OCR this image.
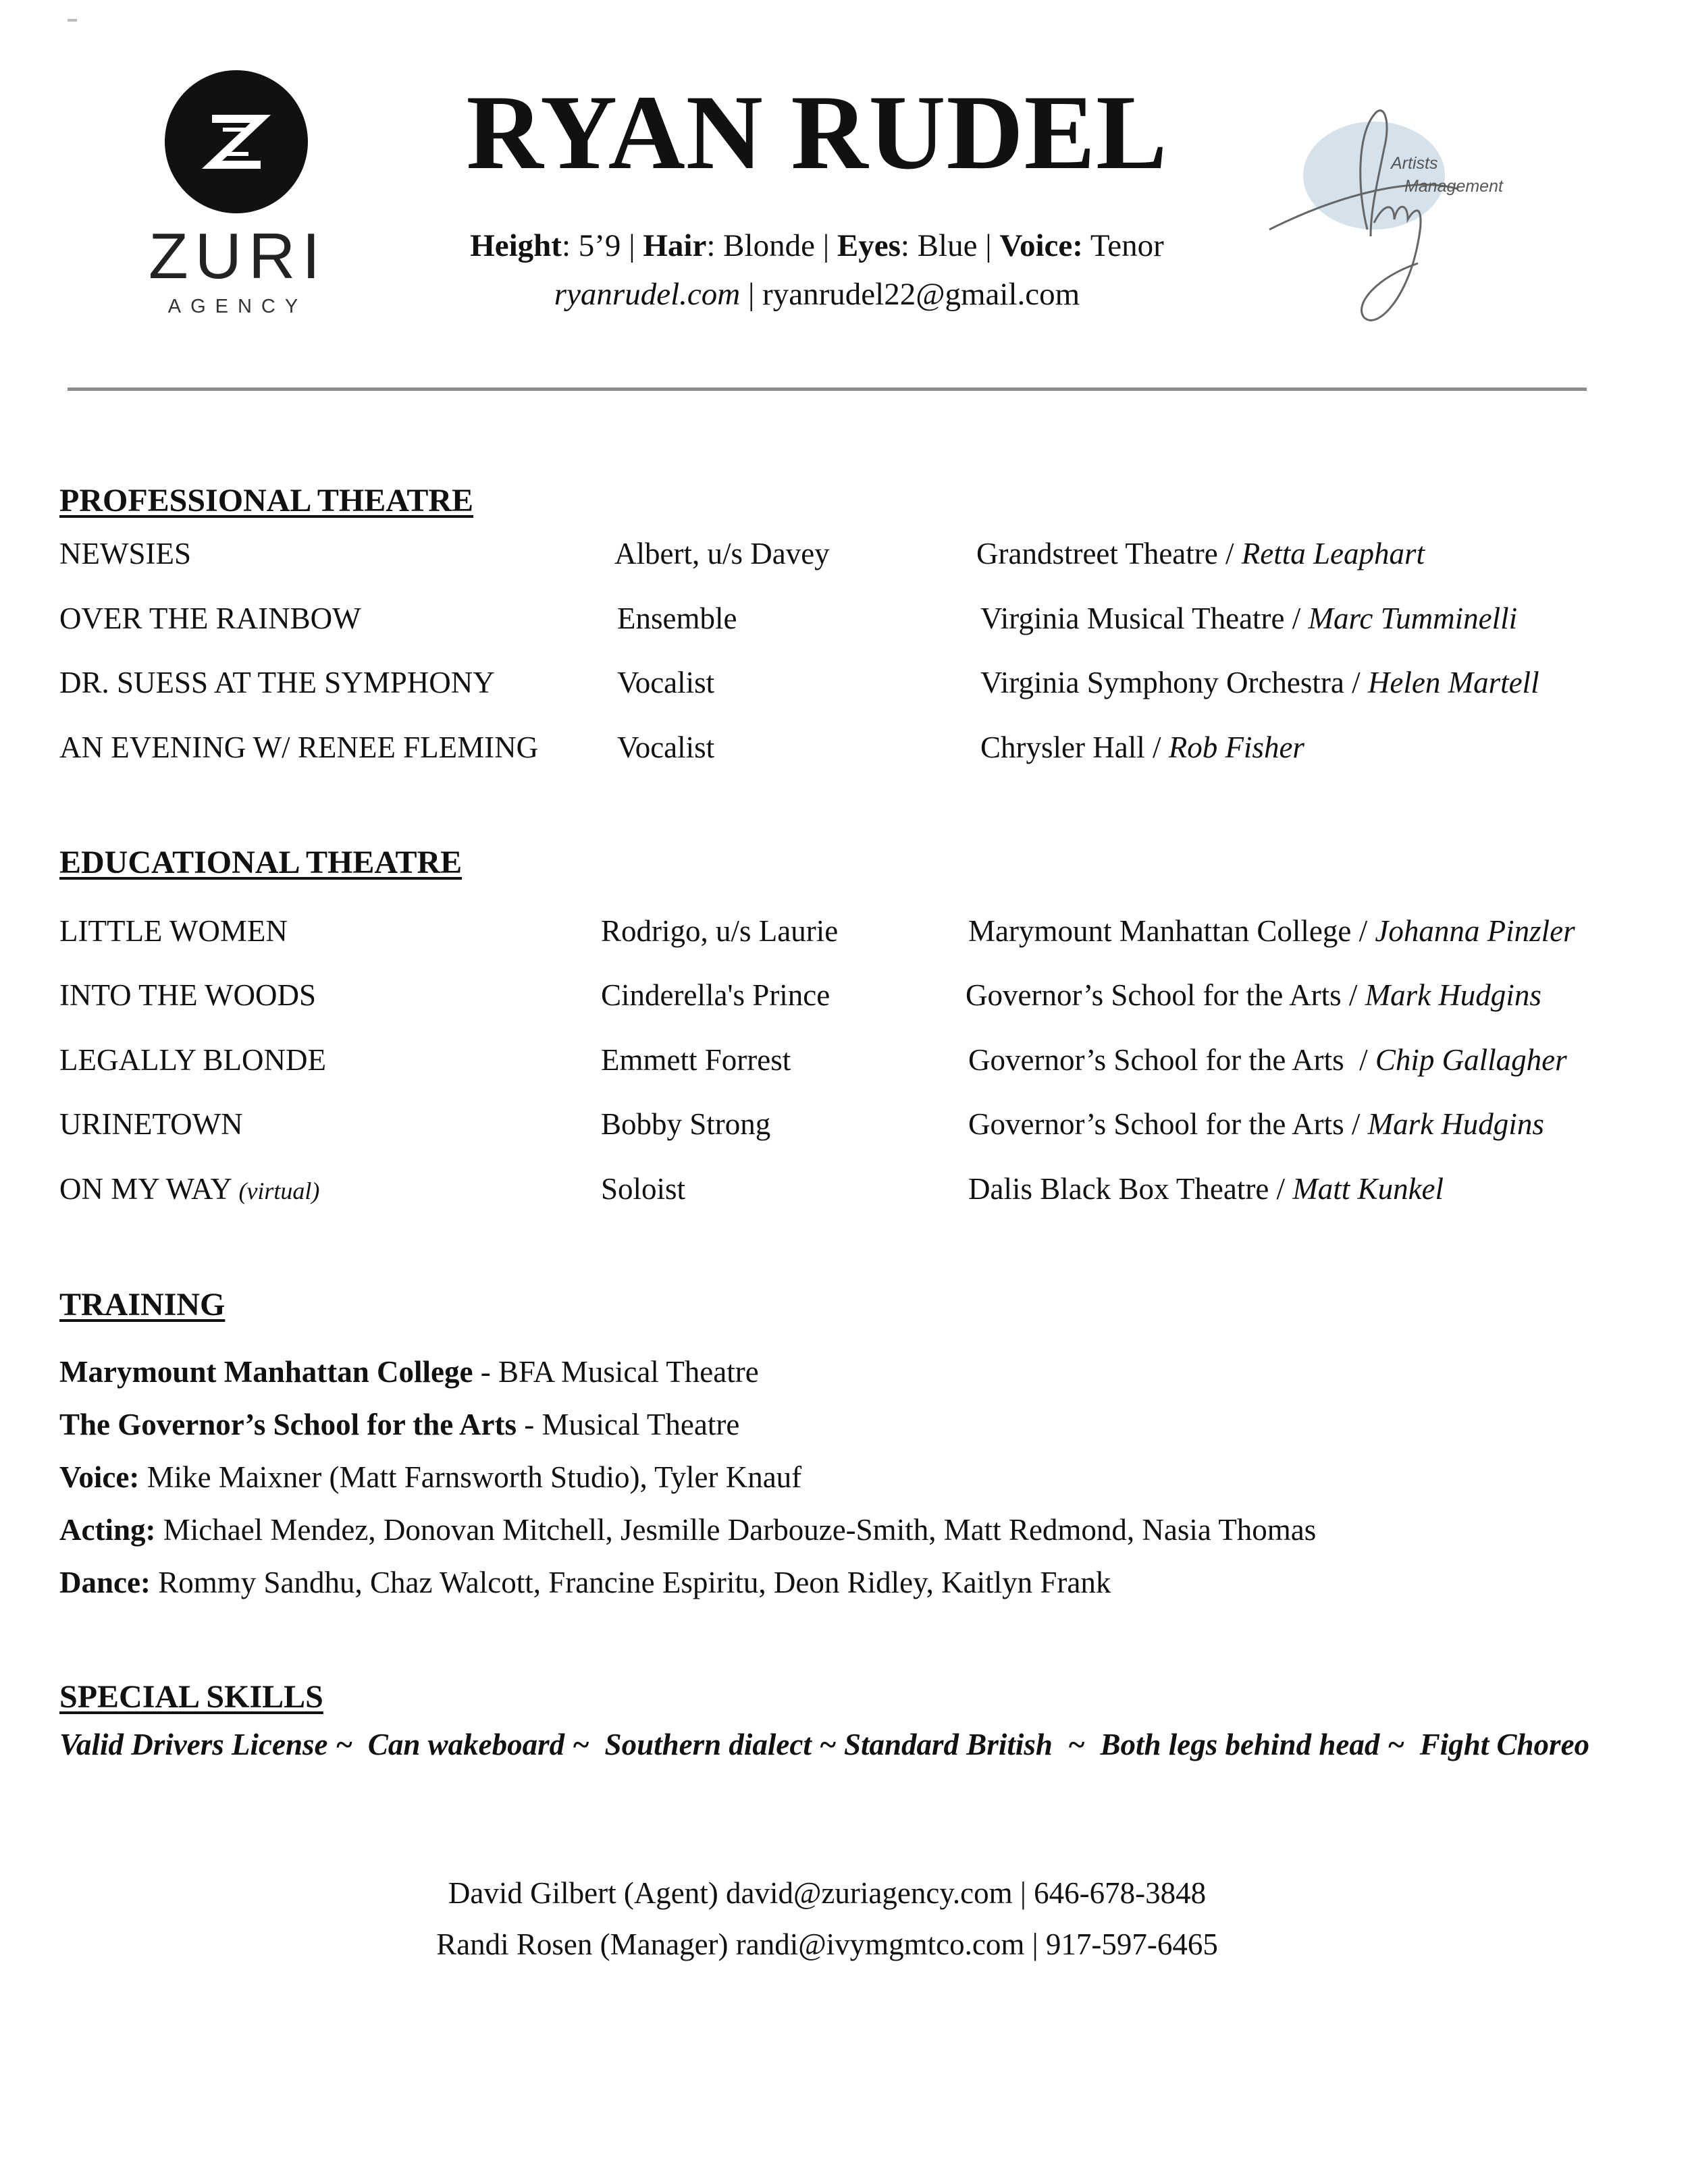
ZURI
AGENCY
RYAN RUDEL
Height: 5’9 | Hair: Blonde | Eyes: Blue | Voice: Tenor
ryanrudel.com | ryanrudel22@gmail.com
Artists
Management
PROFESSIONAL THEATRE
NEWSIES	Albert, u/s Davey	Grandstreet Theatre / Retta Leaphart
OVER THE RAINBOW	Ensemble	Virginia Musical Theatre / Marc Tumminelli
DR. SUESS AT THE SYMPHONY	Vocalist	Virginia Symphony Orchestra / Helen Martell
AN EVENING W/ RENEE FLEMING	Vocalist	Chrysler Hall / Rob Fisher
EDUCATIONAL THEATRE
LITTLE WOMEN	Rodrigo, u/s Laurie	Marymount Manhattan College / Johanna Pinzler
INTO THE WOODS	Cinderella's Prince	Governor’s School for the Arts / Mark Hudgins
LEGALLY BLONDE	Emmett Forrest	Governor’s School for the Arts  / Chip Gallagher
URINETOWN	Bobby Strong	Governor’s School for the Arts / Mark Hudgins
ON MY WAY (virtual)	Soloist	Dalis Black Box Theatre / Matt Kunkel
TRAINING
Marymount Manhattan College - BFA Musical Theatre
The Governor’s School for the Arts - Musical Theatre
Voice: Mike Maixner (Matt Farnsworth Studio), Tyler Knauf
Acting: Michael Mendez, Donovan Mitchell, Jesmille Darbouze-Smith, Matt Redmond, Nasia Thomas
Dance: Rommy Sandhu, Chaz Walcott, Francine Espiritu, Deon Ridley, Kaitlyn Frank
SPECIAL SKILLS
Valid Drivers License ~  Can wakeboard ~  Southern dialect ~ Standard British  ~  Both legs behind head ~  Fight Choreo
David Gilbert (Agent) david@zuriagency.com | 646-678-3848
Randi Rosen (Manager) randi@ivymgmtco.com | 917-597-6465
